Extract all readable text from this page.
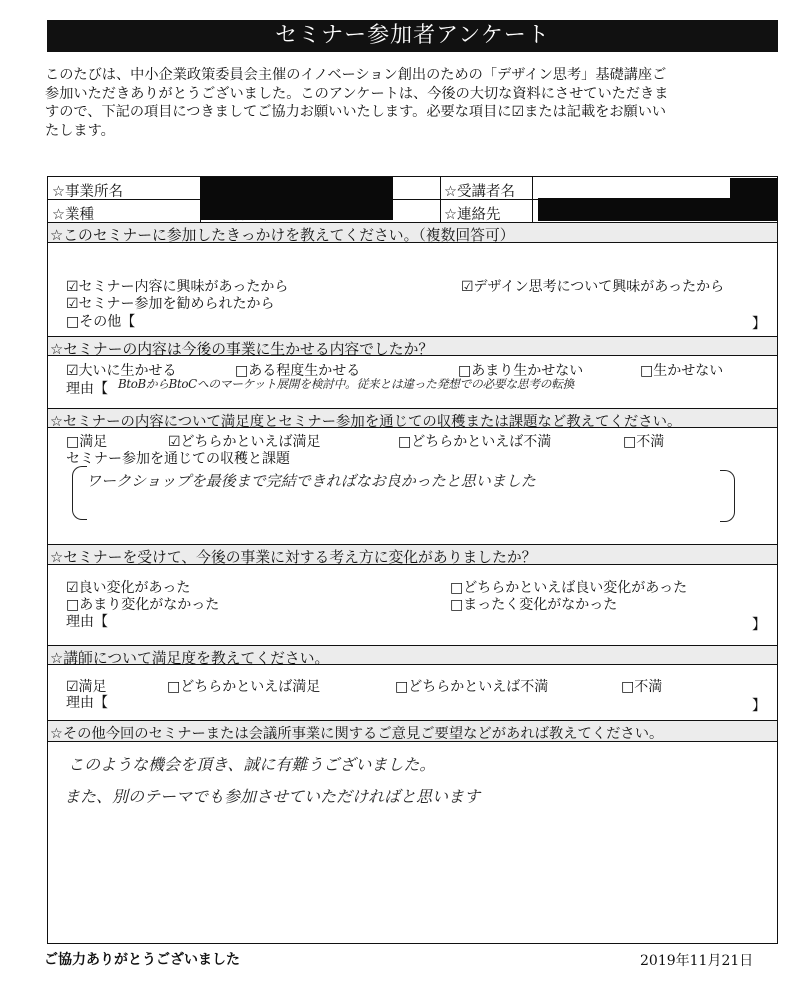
セミナー参加者アンケート
このたびは、中小企業政策委員会主催のイノベーション創出のための「デザイン思考」基礎講座ご
参加いただきありがとうございました。このアンケートは、今後の大切な資料にさせていただきま
すので、下記の項目につきましてご協力お願いいたします。必要な項目に☑または記載をお願いい
たします。
☆事業所名	☆受講者名
☆業種	☆連絡先
☆このセミナーに参加したきっかけを教えてください。（複数回答可）
☑セミナー内容に興味があったから	☑デザイン思考について興味があったから
☑セミナー参加を勧められたから
□その他【	】
☆セミナーの内容は今後の事業に生かせる内容でしたか？
☑大いに生かせる	□ある程度生かせる	□あまり生かせない	□生かせない
理由【 BtoBからBtoCへのマーケット展開を検討中。従来とは違った発想での必要な思考の転換
☆セミナーの内容について満足度とセミナー参加を通じての収穫または課題など教えてください。
□満足	☑どちらかといえば満足	□どちらかといえば不満	□不満
セミナー参加を通じての収穫と課題
ワークショップを最後まで完結できればなお良かったと思いました
☆セミナーを受けて、今後の事業に対する考え方に変化がありましたか？
☑良い変化があった	□どちらかといえば良い変化があった
□あまり変化がなかった	□まったく変化がなかった
理由【	】
☆講師について満足度を教えてください。
☑満足	□どちらかといえば満足	□どちらかといえば不満	□不満
理由【	】
☆その他今回のセミナーまたは会議所事業に関するご意見ご要望などがあれば教えてください。
このような機会を頂き、誠に有難うございました。
また、別のテーマでも参加させていただければと思います
ご協力ありがとうございました	2019年11月21日
